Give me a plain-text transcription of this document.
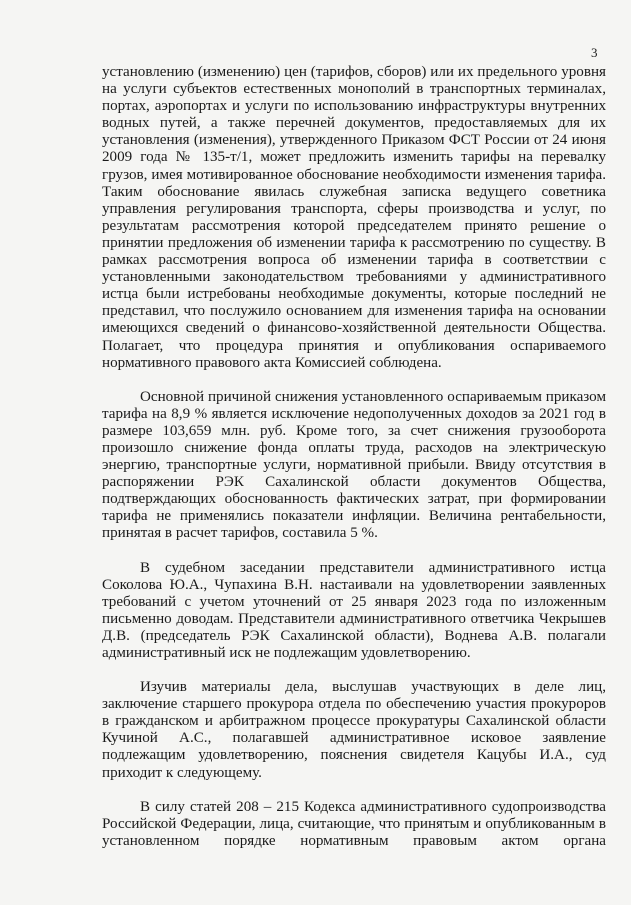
3

установлению (изменению) цен (тарифов, сборов) или их предельного уровня на услуги субъектов естественных монополий в транспортных терминалах, портах, аэропортах и услуги по использованию инфраструктуры внутренних водных путей, а также перечней документов, предоставляемых для их установления (изменения), утвержденного Приказом ФСТ России от 24 июня 2009 года № 135-т/1, может предложить изменить тарифы на перевалку грузов, имея мотивированное обоснование необходимости изменения тарифа. Таким обоснование явилась служебная записка ведущего советника управления регулирования транспорта, сферы производства и услуг, по результатам рассмотрения которой председателем принято решение о принятии предложения об изменении тарифа к рассмотрению по существу. В рамках рассмотрения вопроса об изменении тарифа в соответствии с установленными законодательством требованиями у административного истца были истребованы необходимые документы, которые последний не представил, что послужило основанием для изменения тарифа на основании имеющихся сведений о финансово-хозяйственной деятельности Общества. Полагает, что процедура принятия и опубликования оспариваемого нормативного правового акта Комиссией соблюдена.

Основной причиной снижения установленного оспариваемым приказом тарифа на 8,9 % является исключение недополученных доходов за 2021 год в размере 103,659 млн. руб. Кроме того, за счет снижения грузооборота произошло снижение фонда оплаты труда, расходов на электрическую энергию, транспортные услуги, нормативной прибыли. Ввиду отсутствия в распоряжении РЭК Сахалинской области документов Общества, подтверждающих обоснованность фактических затрат, при формировании тарифа не применялись показатели инфляции. Величина рентабельности, принятая в расчет тарифов, составила 5 %.

В судебном заседании представители административного истца Соколова Ю.А., Чупахина В.Н. настаивали на удовлетворении заявленных требований с учетом уточнений от 25 января 2023 года по изложенным письменно доводам. Представители административного ответчика Чекрышев Д.В. (председатель РЭК Сахалинской области), Воднева А.В. полагали административный иск не подлежащим удовлетворению.

Изучив материалы дела, выслушав участвующих в деле лиц, заключение старшего прокурора отдела по обеспечению участия прокуроров в гражданском и арбитражном процессе прокуратуры Сахалинской области Кучиной А.С., полагавшей административное исковое заявление подлежащим удовлетворению, пояснения свидетеля Кацубы И.А., суд приходит к следующему.

В силу статей 208 – 215 Кодекса административного судопроизводства Российской Федерации, лица, считающие, что принятым и опубликованным в установленном порядке нормативным правовым актом органа
